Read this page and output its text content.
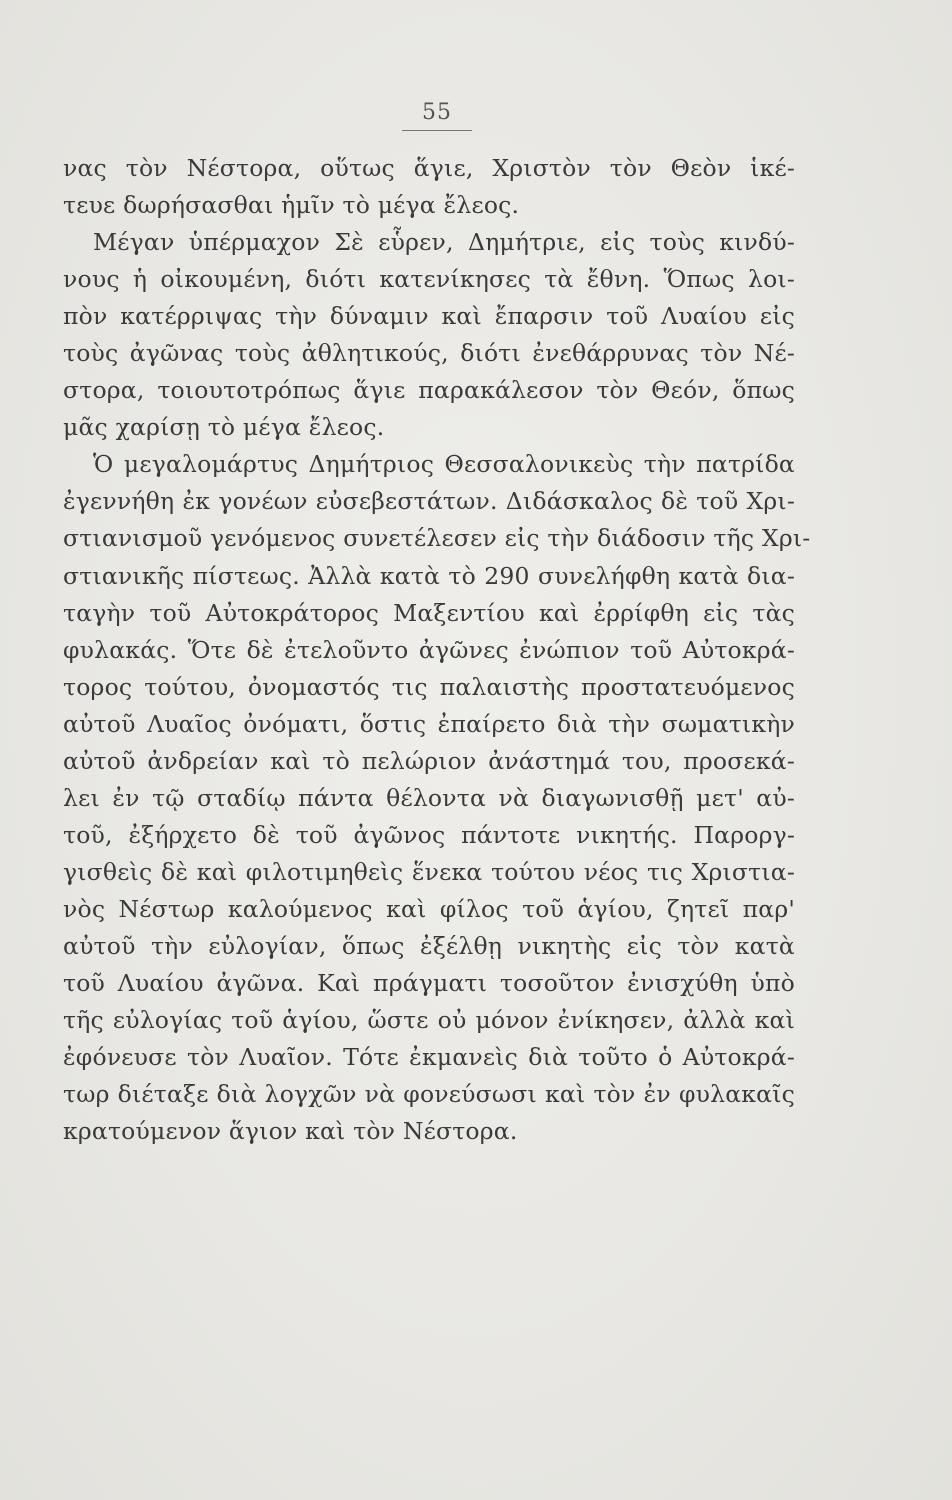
55
νας τὸν Νέστορα, οὕτως ἅγιε, Χριστὸν τὸν Θεὸν ἱκέ-
τευε δωρήσασθαι ἡμῖν τὸ μέγα ἔλεος.
Μέγαν ὑπέρμαχον Σὲ εὗρεν, Δημήτριε, εἰς τοὺς κινδύ-
νους ἡ οἰκουμένη, διότι κατενίκησες τὰ ἔθνη. Ὅπως λοι-
πὸν κατέρριψας τὴν δύναμιν καὶ ἔπαρσιν τοῦ Λυαίου εἰς
τοὺς ἀγῶνας τοὺς ἀθλητικούς, διότι ἐνεθάρρυνας τὸν Νέ-
στορα, τοιουτοτρόπως ἅγιε παρακάλεσον τὸν Θεόν, ὅπως
μᾶς χαρίσῃ τὸ μέγα ἔλεος.
Ὁ μεγαλομάρτυς Δημήτριος Θεσσαλονικεὺς τὴν πατρίδα
ἐγεννήθη ἐκ γονέων εὐσεβεστάτων. Διδάσκαλος δὲ τοῦ Χρι-
στιανισμοῦ γενόμενος συνετέλεσεν εἰς τὴν διάδοσιν τῆς Χρι-
στιανικῆς πίστεως. Ἀλλὰ κατὰ τὸ 290 συνελήφθη κατὰ δια-
ταγὴν τοῦ Αὐτοκράτορος Μαξεντίου καὶ ἐρρίφθη εἰς τὰς
φυλακάς. Ὅτε δὲ ἐτελοῦντο ἀγῶνες ἐνώπιον τοῦ Αὐτοκρά-
τορος τούτου, ὀνομαστός τις παλαιστὴς προστατευόμενος
αὐτοῦ Λυαῖος ὀνόματι, ὅστις ἐπαίρετο διὰ τὴν σωματικὴν
αὐτοῦ ἀνδρείαν καὶ τὸ πελώριον ἀνάστημά του, προσεκά-
λει ἐν τῷ σταδίῳ πάντα θέλοντα νὰ διαγωνισθῇ μετ' αὐ-
τοῦ, ἐξήρχετο δὲ τοῦ ἀγῶνος πάντοτε νικητής. Παροργ-
γισθεὶς δὲ καὶ φιλοτιμηθεὶς ἕνεκα τούτου νέος τις Χριστια-
νὸς Νέστωρ καλούμενος καὶ φίλος τοῦ ἁγίου, ζητεῖ παρ'
αὐτοῦ τὴν εὐλογίαν, ὅπως ἐξέλθῃ νικητὴς εἰς τὸν κατὰ
τοῦ Λυαίου ἀγῶνα. Καὶ πράγματι τοσοῦτον ἐνισχύθη ὑπὸ
τῆς εὐλογίας τοῦ ἁγίου, ὥστε οὐ μόνον ἐνίκησεν, ἀλλὰ καὶ
ἐφόνευσε τὸν Λυαῖον. Τότε ἐκμανεὶς διὰ τοῦτο ὁ Αὐτοκρά-
τωρ διέταξε διὰ λογχῶν νὰ φονεύσωσι καὶ τὸν ἐν φυλακαῖς
κρατούμενον ἅγιον καὶ τὸν Νέστορα.
